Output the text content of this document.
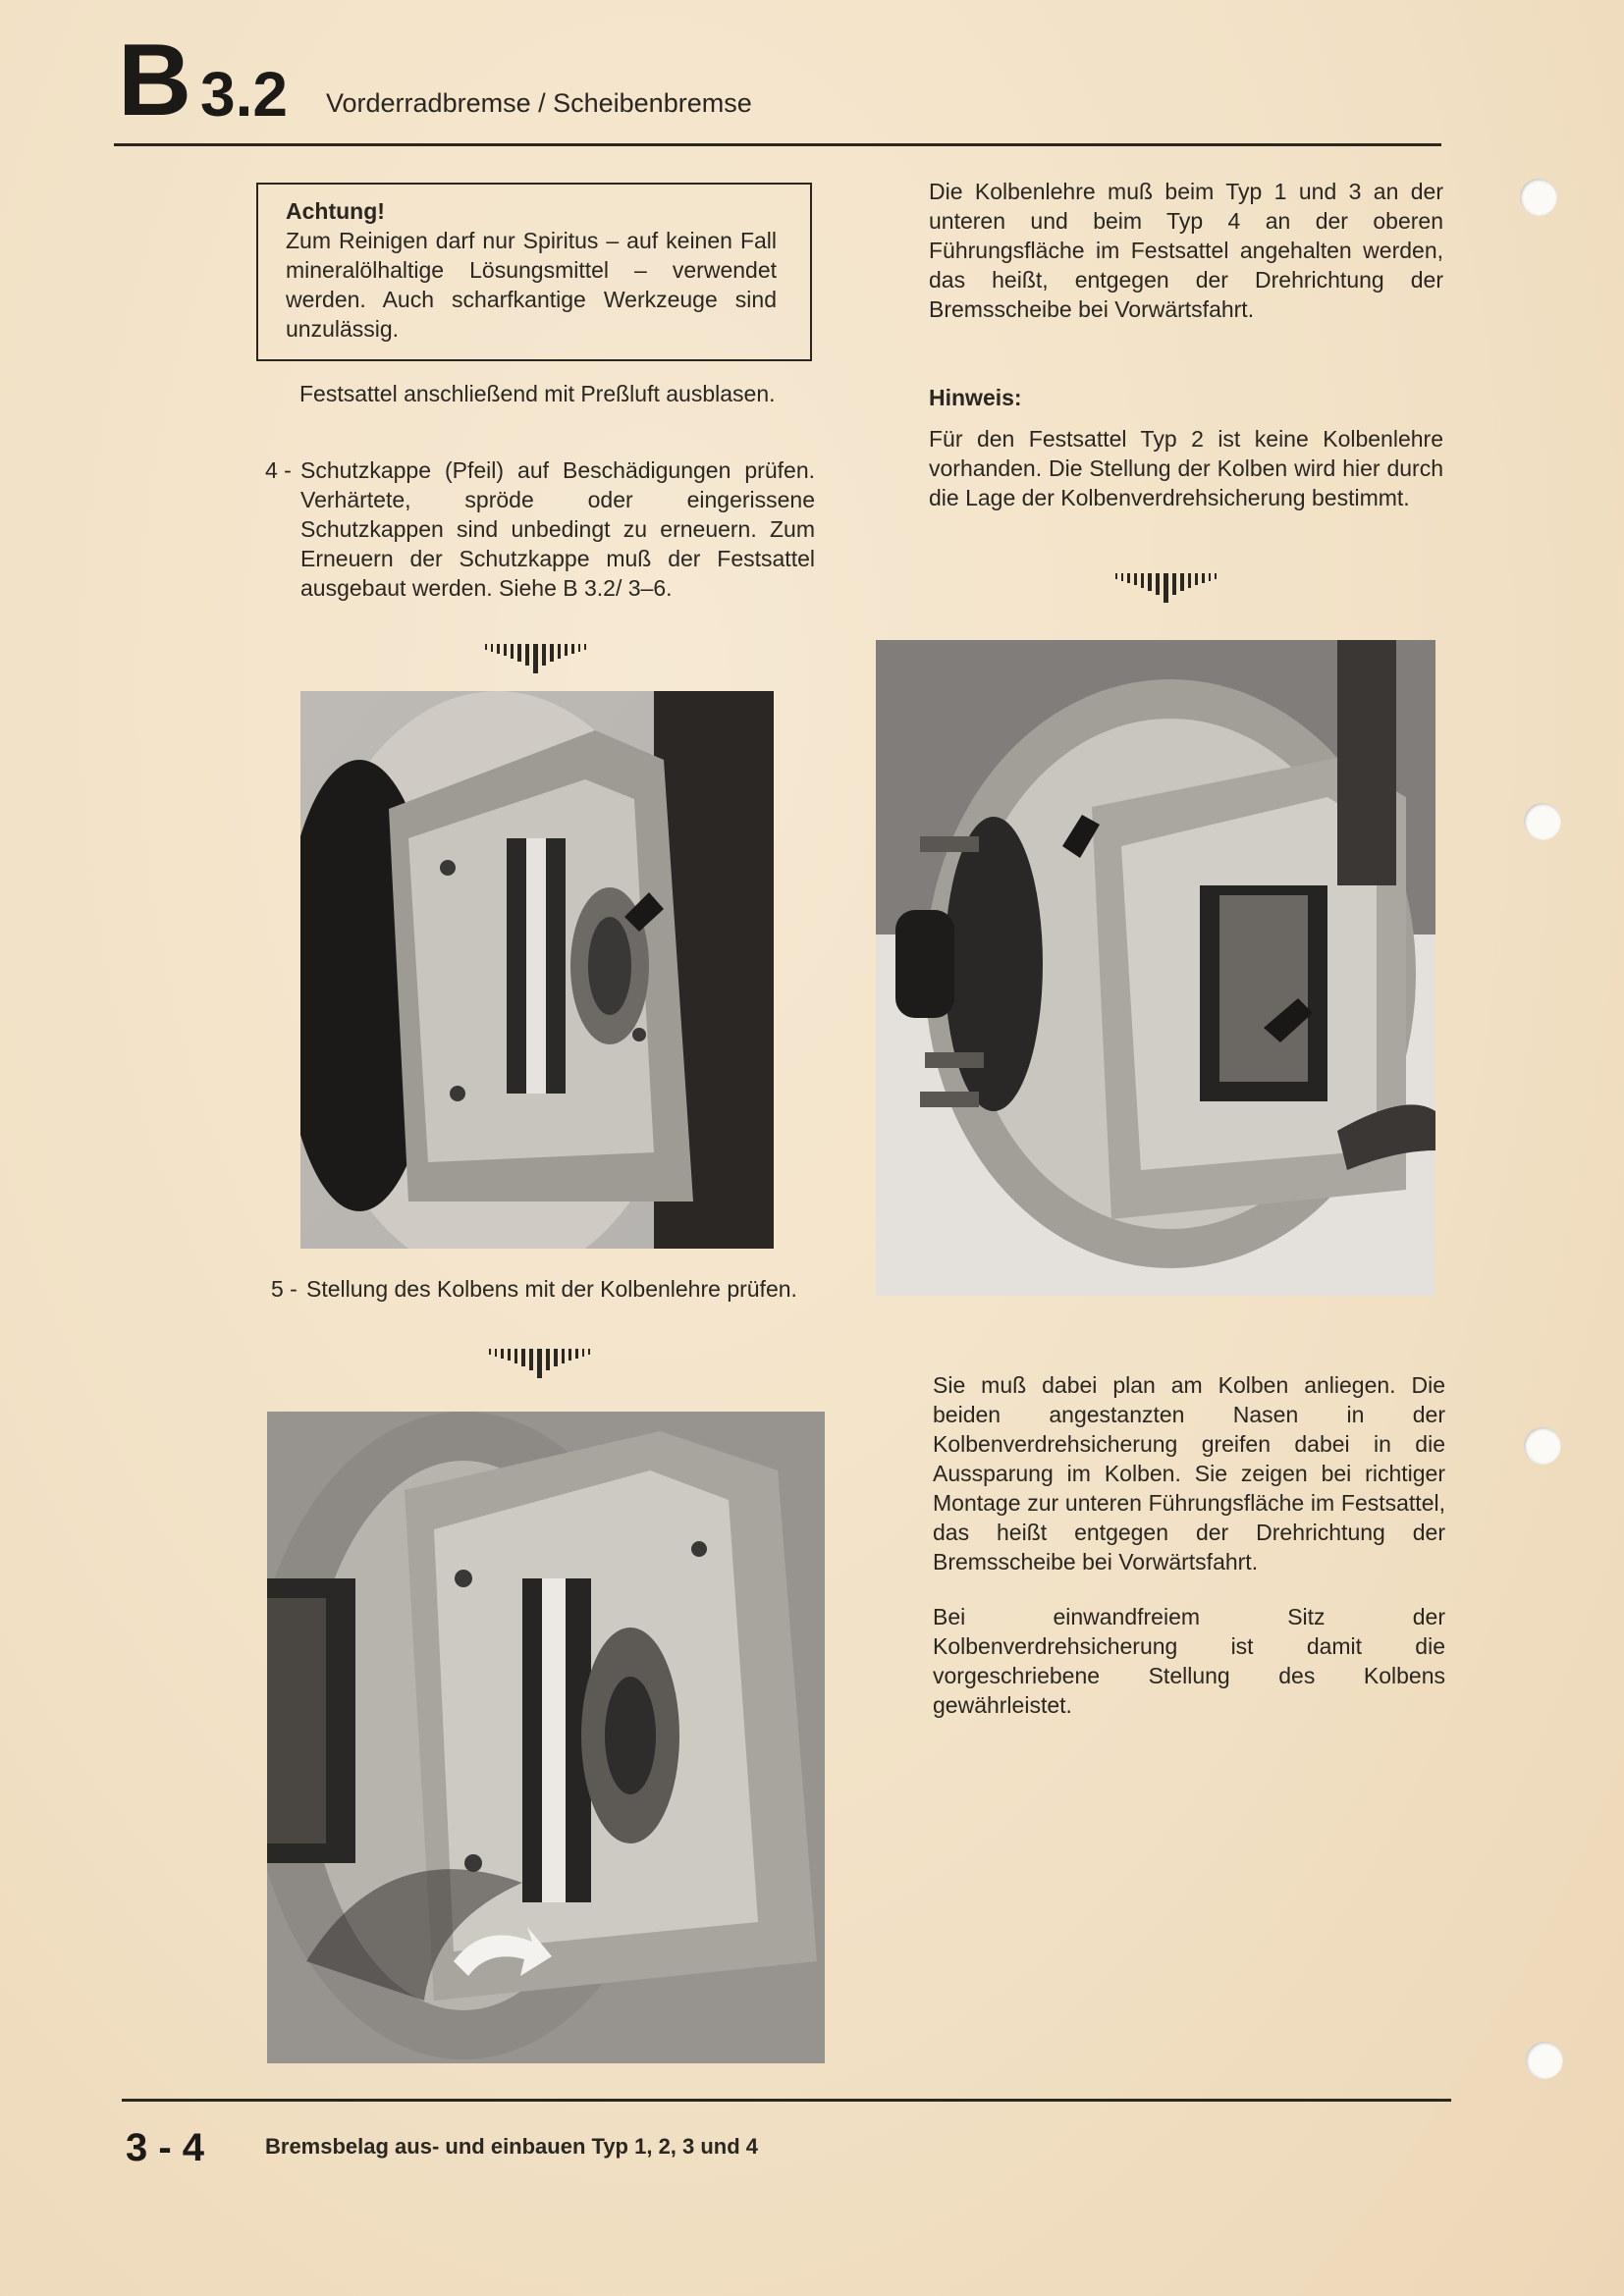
B 3.2 Vorderradbremse / Scheibenbremse
Achtung!
Zum Reinigen darf nur Spiritus – auf keinen Fall mineralölhaltige Lösungsmittel – verwendet werden. Auch scharfkantige Werkzeuge sind unzulässig.
Festsattel anschließend mit Preßluft ausblasen.
4 - Schutzkappe (Pfeil) auf Beschädigungen prüfen. Verhärtete, spröde oder eingerissene Schutzkappen sind unbedingt zu erneuern. Zum Erneuern der Schutzkappe muß der Festsattel ausgebaut werden. Siehe B 3.2/ 3–6.
5 - Stellung des Kolbens mit der Kolbenlehre prüfen.
Die Kolbenlehre muß beim Typ 1 und 3 an der unteren und beim Typ 4 an der oberen Führungsfläche im Festsattel angehalten werden, das heißt, entgegen der Drehrichtung der Bremsscheibe bei Vorwärtsfahrt.
Hinweis:
Für den Festsattel Typ 2 ist keine Kolbenlehre vorhanden. Die Stellung der Kolben wird hier durch die Lage der Kolbenverdrehsicherung bestimmt.
Sie muß dabei plan am Kolben anliegen. Die beiden angestanzten Nasen in der Kolbenverdrehsicherung greifen dabei in die Aussparung im Kolben. Sie zeigen bei richtiger Montage zur unteren Führungsfläche im Festsattel, das heißt entgegen der Drehrichtung der Bremsscheibe bei Vorwärtsfahrt.
Bei einwandfreiem Sitz der Kolbenverdrehsicherung ist damit die vorgeschriebene Stellung des Kolbens gewährleistet.
3 - 4	Bremsbelag aus- und einbauen Typ 1, 2, 3 und 4
